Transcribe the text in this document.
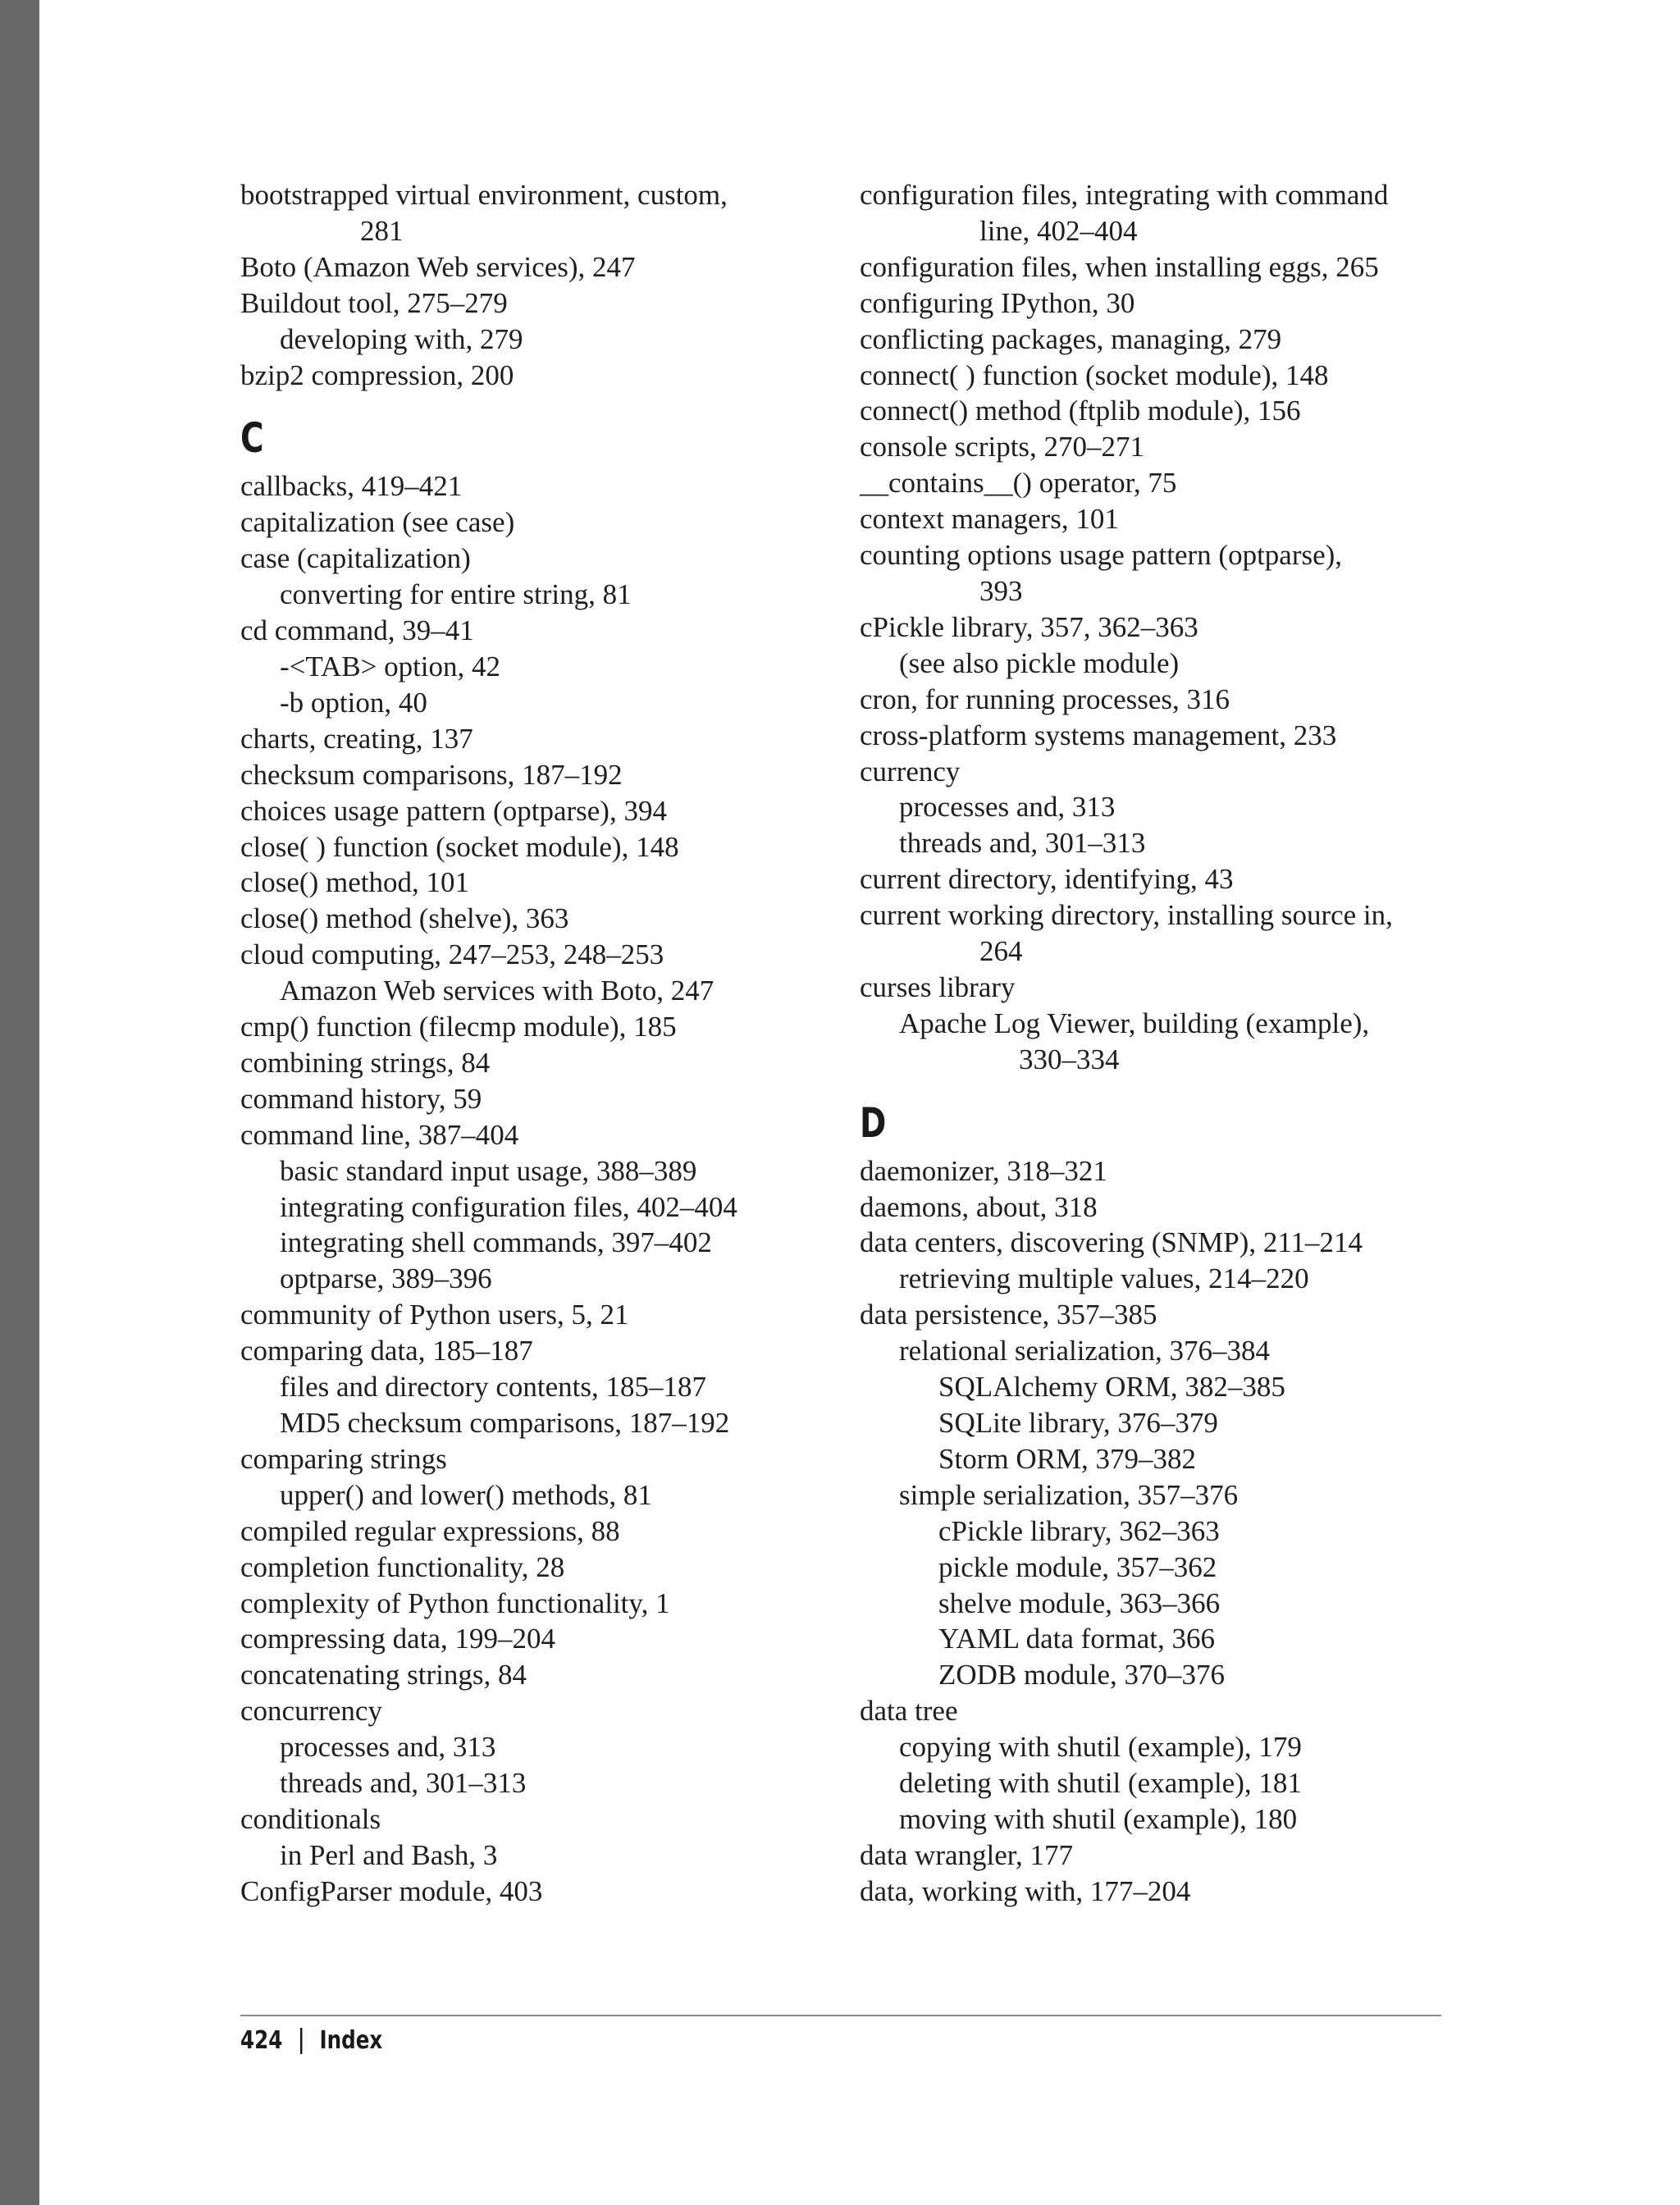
bootstrapped virtual environment, custom,
281
Boto (Amazon Web services), 247
Buildout tool, 275–279
developing with, 279
bzip2 compression, 200
C
callbacks, 419–421
capitalization (see case)
case (capitalization)
converting for entire string, 81
cd command, 39–41
-<TAB> option, 42
-b option, 40
charts, creating, 137
checksum comparisons, 187–192
choices usage pattern (optparse), 394
close( ) function (socket module), 148
close() method, 101
close() method (shelve), 363
cloud computing, 247–253, 248–253
Amazon Web services with Boto, 247
cmp() function (filecmp module), 185
combining strings, 84
command history, 59
command line, 387–404
basic standard input usage, 388–389
integrating configuration files, 402–404
integrating shell commands, 397–402
optparse, 389–396
community of Python users, 5, 21
comparing data, 185–187
files and directory contents, 185–187
MD5 checksum comparisons, 187–192
comparing strings
upper() and lower() methods, 81
compiled regular expressions, 88
completion functionality, 28
complexity of Python functionality, 1
compressing data, 199–204
concatenating strings, 84
concurrency
processes and, 313
threads and, 301–313
conditionals
in Perl and Bash, 3
ConfigParser module, 403
configuration files, integrating with command
line, 402–404
configuration files, when installing eggs, 265
configuring IPython, 30
conflicting packages, managing, 279
connect( ) function (socket module), 148
connect() method (ftplib module), 156
console scripts, 270–271
__contains__() operator, 75
context managers, 101
counting options usage pattern (optparse),
393
cPickle library, 357, 362–363
(see also pickle module)
cron, for running processes, 316
cross-platform systems management, 233
currency
processes and, 313
threads and, 301–313
current directory, identifying, 43
current working directory, installing source in,
264
curses library
Apache Log Viewer, building (example),
330–334
D
daemonizer, 318–321
daemons, about, 318
data centers, discovering (SNMP), 211–214
retrieving multiple values, 214–220
data persistence, 357–385
relational serialization, 376–384
SQLAlchemy ORM, 382–385
SQLite library, 376–379
Storm ORM, 379–382
simple serialization, 357–376
cPickle library, 362–363
pickle module, 357–362
shelve module, 363–366
YAML data format, 366
ZODB module, 370–376
data tree
copying with shutil (example), 179
deleting with shutil (example), 181
moving with shutil (example), 180
data wrangler, 177
data, working with, 177–204
424 Index
